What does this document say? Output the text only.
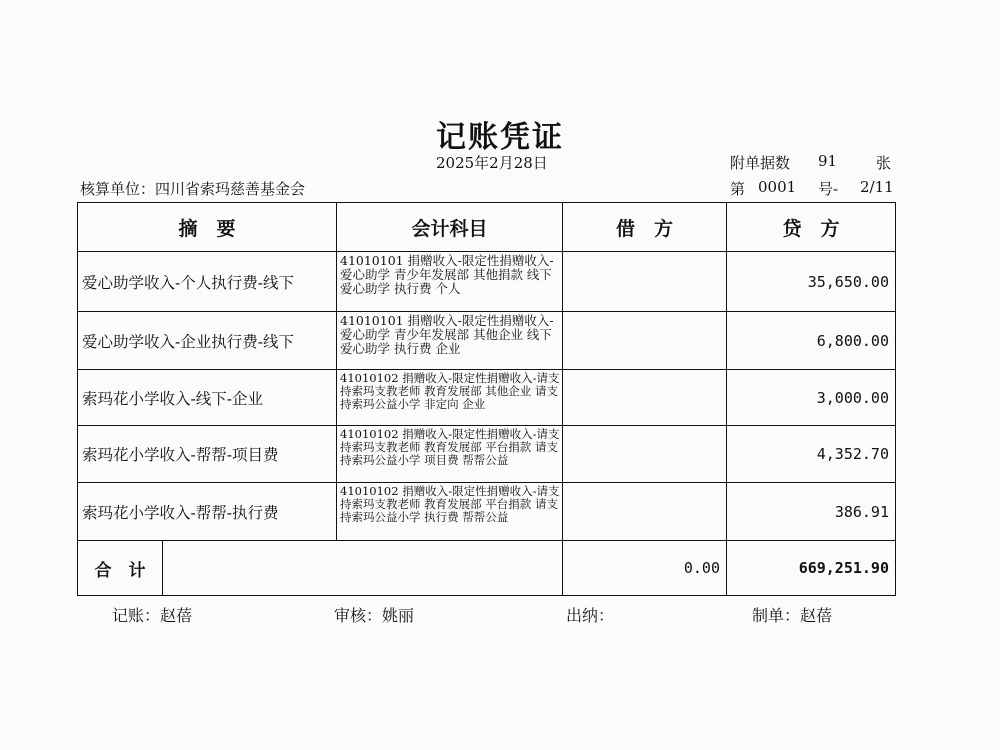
记账凭证
2025年2月28日	附单据数 91	张
核算单位：四川省索玛慈善基金会	第 0001 号- 2/11
摘　要	会计科目	借　方	贷　方
爱心助学收入-个人执行费-线下	41010101 捐赠收入-限定性捐赠收入-爱心助学 青少年发展部 其他捐款 线下爱心助学 执行费 个人		35,650.00
爱心助学收入-企业执行费-线下	41010101 捐赠收入-限定性捐赠收入-爱心助学 青少年发展部 其他企业 线下爱心助学 执行费 企业		6,800.00
索玛花小学收入-线下-企业	41010102 捐赠收入-限定性捐赠收入-请支持索玛支教老师 教育发展部 其他企业 请支持索玛公益小学 非定向 企业		3,000.00
索玛花小学收入-帮帮-项目费	41010102 捐赠收入-限定性捐赠收入-请支持索玛支教老师 教育发展部 平台捐款 请支持索玛公益小学 项目费 帮帮公益		4,352.70
索玛花小学收入-帮帮-执行费	41010102 捐赠收入-限定性捐赠收入-请支持索玛支教老师 教育发展部 平台捐款 请支持索玛公益小学 执行费 帮帮公益		386.91

合　计		0.00	669,251.90
记账：赵蓓	审核：姚丽	出纳：	制单：赵蓓
